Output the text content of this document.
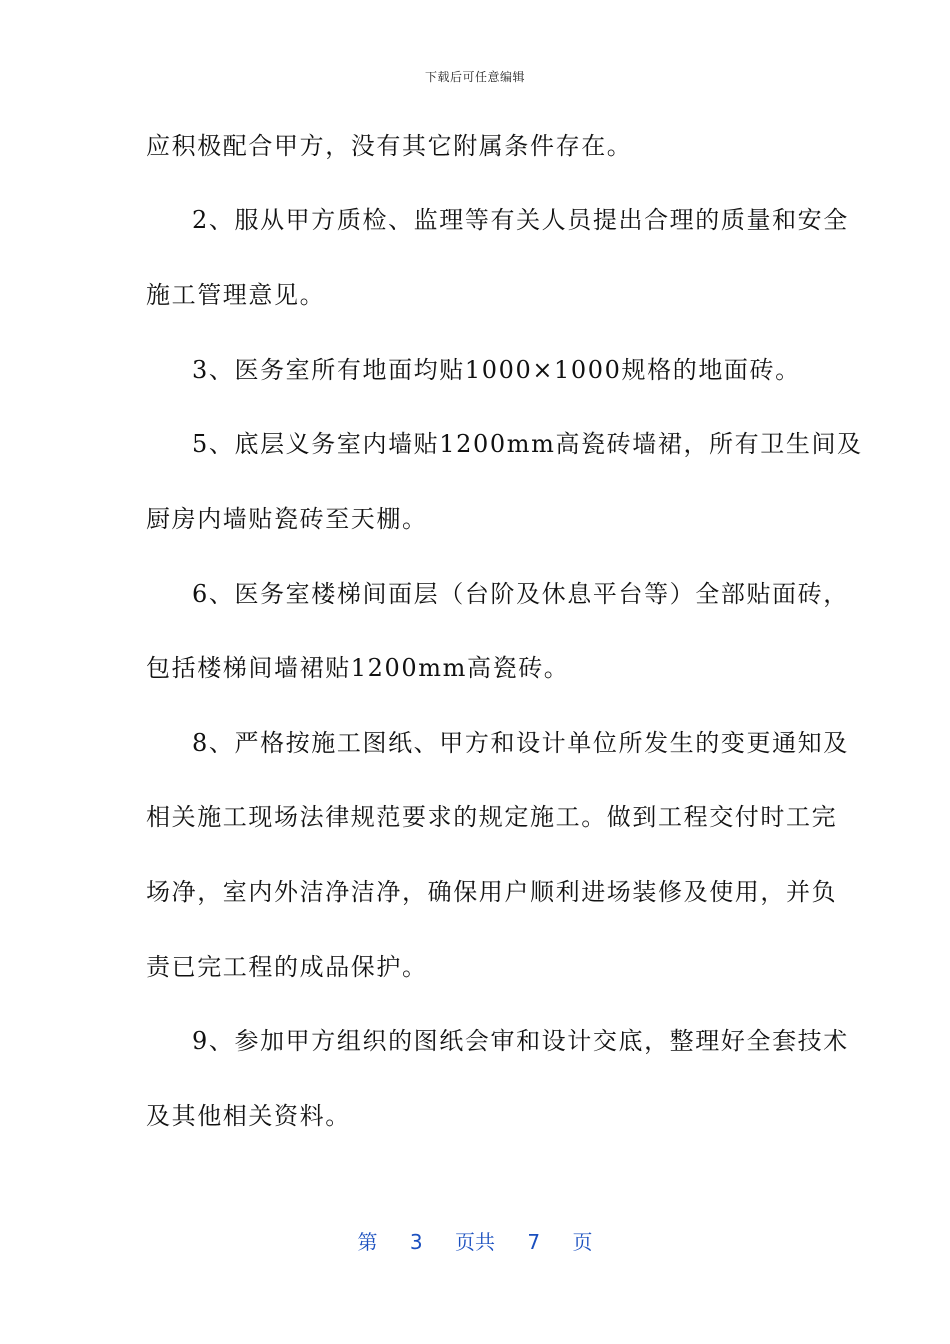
下载后可任意编辑
应积极配合甲方，没有其它附属条件存在。
2、服从甲方质检、监理等有关人员提出合理的质量和安全
施工管理意见。
3、医务室所有地面均贴1000×1000规格的地面砖。
5、底层义务室内墙贴1200mm高瓷砖墙裙，所有卫生间及
厨房内墙贴瓷砖至天棚。
6、医务室楼梯间面层（台阶及休息平台等）全部贴面砖，
包括楼梯间墙裙贴1200mm高瓷砖。
8、严格按施工图纸、甲方和设计单位所发生的变更通知及
相关施工现场法律规范要求的规定施工。做到工程交付时工完
场净，室内外洁净洁净，确保用户顺利进场装修及使用，并负
责已完工程的成品保护。
9、参加甲方组织的图纸会审和设计交底，整理好全套技术
及其他相关资料。
第 3 页共 7 页
